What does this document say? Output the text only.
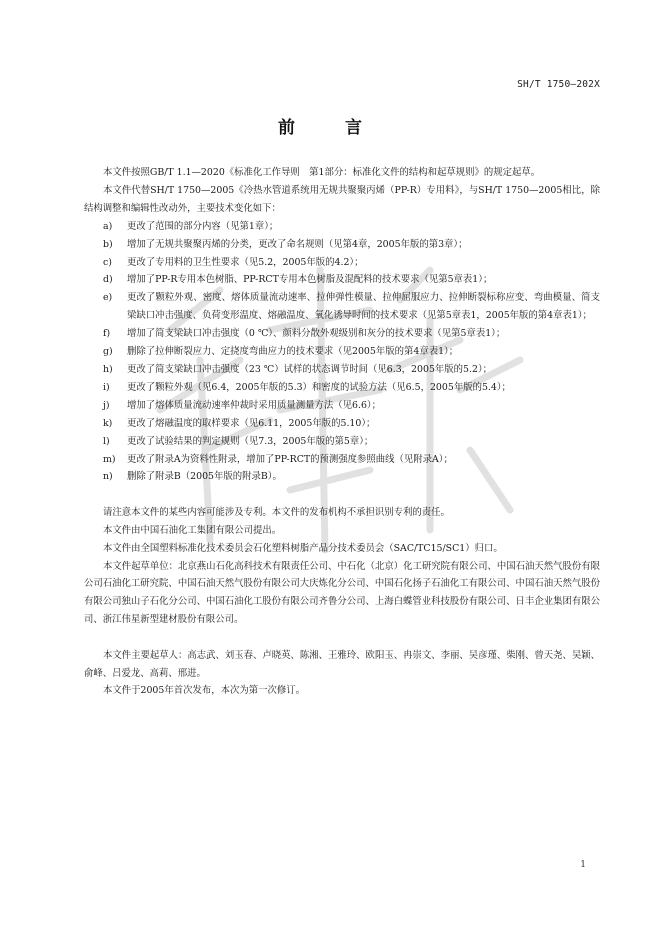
SH/T 1750—202X
前 言

本文件按照GB/T 1.1—2020《标准化工作导则　第1部分：标准化文件的结构和起草规则》的规定起草。

本文件代替SH/T 1750—2005《冷热水管道系统用无规共聚聚丙烯（PP-R）专用料》，与SH/T 1750—2005相比，除结构调整和编辑性改动外，主要技术变化如下：

a)	更改了范围的部分内容（见第1章）；
b)	增加了无规共聚聚丙烯的分类，更改了命名规则（见第4章，2005年版的第3章）；
c)	更改了专用料的卫生性要求（见5.2，2005年版的4.2）；
d)	增加了PP-R专用本色树脂、PP-RCT专用本色树脂及混配料的技术要求（见第5章表1）；
e)	更改了颗粒外观、密度、熔体质量流动速率、拉伸弹性模量、拉伸屈服应力、拉伸断裂标称应变、弯曲模量、简支梁缺口冲击强度、负荷变形温度、熔融温度、氧化诱导时间的技术要求（见第5章表1，2005年版的第4章表1）；
f)	增加了简支梁缺口冲击强度（0 ℃）、颜料分散外观级别和灰分的技术要求（见第5章表1）；
g)	删除了拉伸断裂应力、定挠度弯曲应力的技术要求（见2005年版的第4章表1）；
h)	更改了简支梁缺口冲击强度（23 ℃）试样的状态调节时间（见6.3，2005年版的5.2）；
i)	更改了颗粒外观（见6.4，2005年版的5.3）和密度的试验方法（见6.5，2005年版的5.4）；
j)	增加了熔体质量流动速率仲裁时采用质量测量方法（见6.6）；
k)	更改了熔融温度的取样要求（见6.11，2005年版的5.10）；
l)	更改了试验结果的判定规则（见7.3，2005年版的第5章）；
m)	更改了附录A为资料性附录，增加了PP-RCT的预测强度参照曲线（见附录A）；
n)	删除了附录B（2005年版的附录B）。

请注意本文件的某些内容可能涉及专利。本文件的发布机构不承担识别专利的责任。

本文件由中国石油化工集团有限公司提出。

本文件由全国塑料标准化技术委员会石化塑料树脂产品分技术委员会（SAC/TC15/SC1）归口。

本文件起草单位：北京燕山石化高科技术有限责任公司、中石化（北京）化工研究院有限公司、中国石油天然气股份有限公司石油化工研究院、中国石油天然气股份有限公司大庆炼化分公司、中国石化扬子石油化工有限公司、中国石油天然气股份有限公司独山子石化分公司、中国石油化工股份有限公司齐鲁分公司、上海白蝶管业科技股份有限公司、日丰企业集团有限公司、浙江伟星新型建材股份有限公司。

本文件主要起草人：高志武、刘玉春、卢晓英、陈湘、王雅玲、欧阳玉、冉崇文、李丽、吴彦瑾、柴刚、曾天尧、吴颖、俞峰、吕爱龙、高莉、邢进。

本文件于2005年首次发布，本次为第一次修订。

1
